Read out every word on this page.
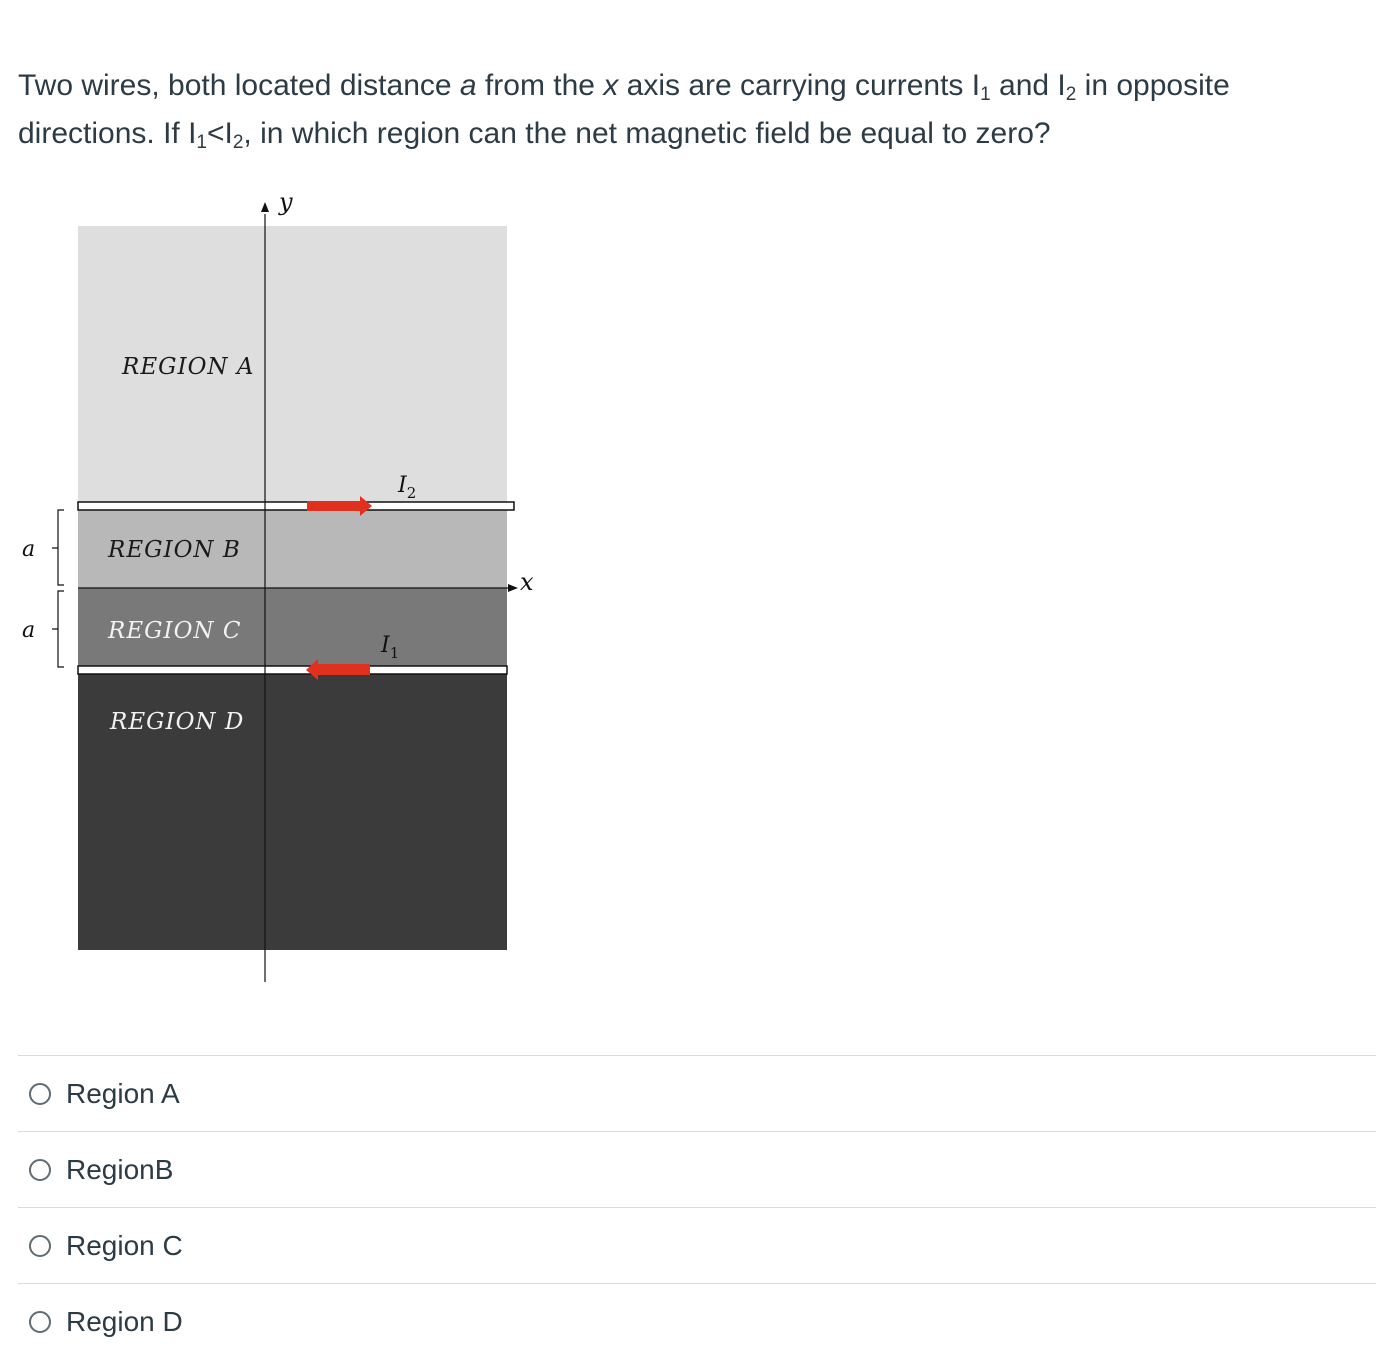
Two wires, both located distance a from the x axis are carrying currents $I_1$ and $I_2$ in opposite directions. If $I_1<I_2$, in which region can the net magnetic field be equal to zero?
y
x
$I_2$
$I_1$
REGION A
REGION B
REGION C
REGION D
a
a
Region A
RegionB
Region C
Region D
